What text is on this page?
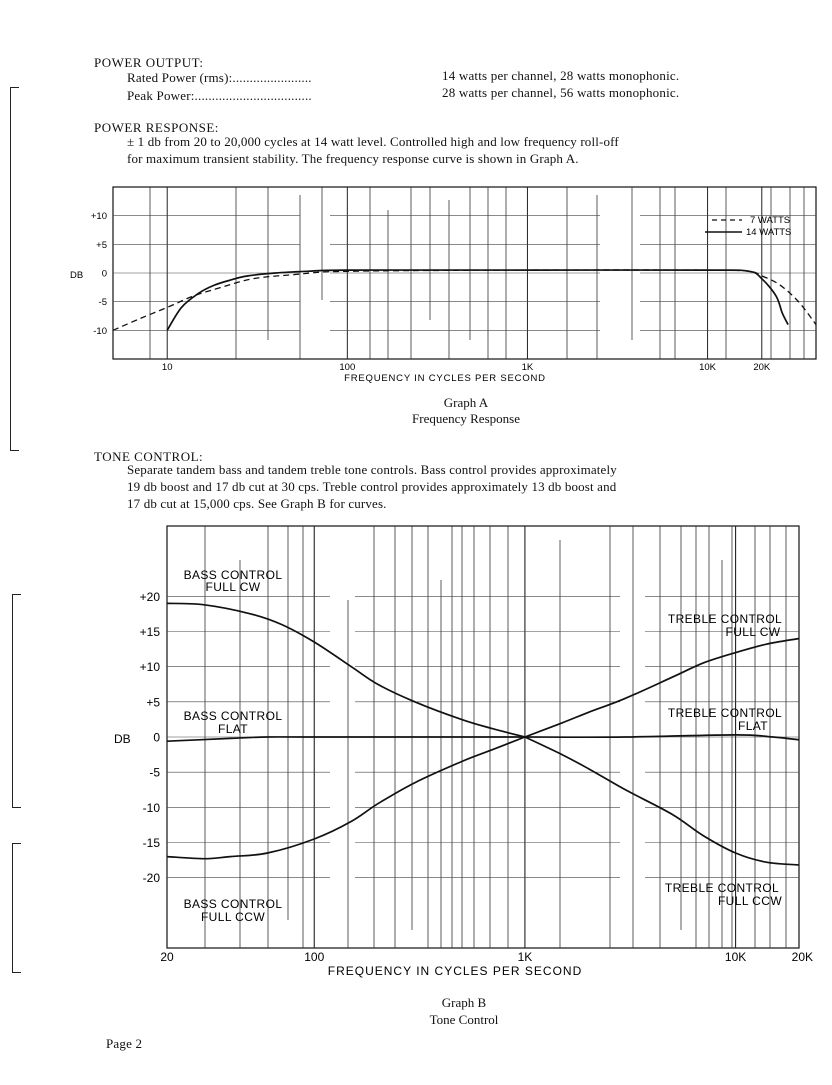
POWER OUTPUT:
Rated Power (rms):.......................	14 watts per channel, 28 watts monophonic.
Peak Power:..................................	28 watts per channel, 56 watts monophonic.
POWER RESPONSE:
± 1 db from 20 to 20,000 cycles at 14 watt level. Controlled high and low frequency roll-off
for maximum transient stability. The frequency response curve is shown in Graph A.
+10
+5
0
-5
-10
10	100	1K	10K	20K
DB
FREQUENCY IN CYCLES PER SECOND
7 WATTS
14 WATTS
Graph A
Frequency Response
TONE CONTROL:
Separate tandem bass and tandem treble tone controls. Bass control provides approximately
19 db boost and 17 db cut at 30 cps. Treble control provides approximately 13 db boost and
17 db cut at 15,000 cps. See Graph B for curves.
+20
+15
+10
+5
0
-5
-10
-15
-20
20	100	1K	10K	20K
BASS CONTROL
FULL CW
BASS CONTROL
FLAT
BASS CONTROL
FULL CCW
TREBLE CONTROL
FULL CW
TREBLE CONTROL
FLAT
TREBLE CONTROL
FULL CCW
DB
FREQUENCY IN CYCLES PER SECOND
Graph B
Tone Control
Page 2
